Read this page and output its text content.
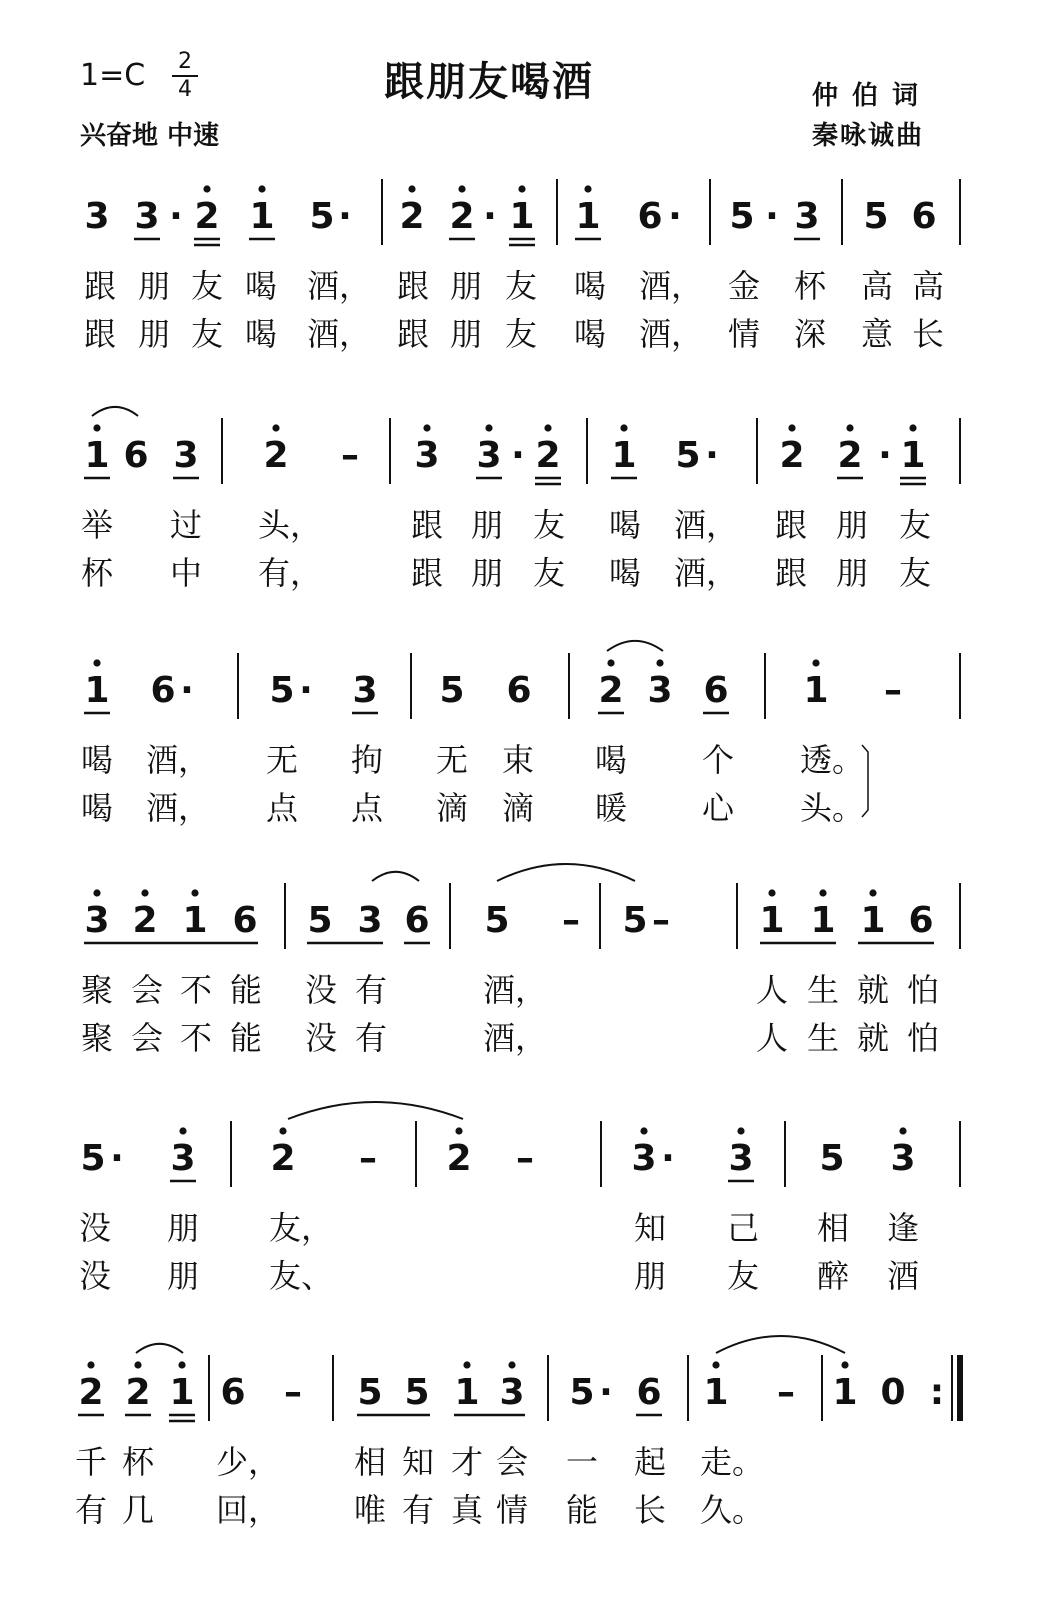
1=C 2
4	跟朋友喝酒
兴奋地 中速
仲伯词
秦咏诚曲
3 3 · 2 1 5 · 2 2 · 1 1 6 · 5 · 3 5 6
跟 朋 友 喝 酒， 跟 朋 友 喝 酒， 金 杯 高 高
跟 朋 友 喝 酒， 跟 朋 友 喝 酒， 情 深 意 长
1 6 3 2 – 3 3 · 2 1 5 · 2 2 · 1
举 过 头，	跟 朋 友 喝 酒， 跟 朋 友
杯 中 有，	跟 朋 友 喝 酒， 跟 朋 友
1 6 · 5 · 3 5 6 2 3 6 1 –
喝 酒， 无 拘 无 束 喝 个 透。
喝 酒， 点 点 滴 滴 暖 心 头。
3 2 1 6 5 3 6 5 – 5 – 1 1 1 6
聚 会 不 能 没 有	酒，	人 生 就 怕
聚 会 不 能 没 有	酒，	人 生 就 怕
5 · 3 2 – 2 –	3 · 3 5 3
没 朋 友，	知 己 相 逢
没 朋 友、	朋 友 醉 酒
2 2 1 6 – 5 5 1 3 5 · 6 1 – 1 0 :
千 杯 少， 相 知 才 会 一 起 走。
有 几 回， 唯 有 真 情 能 长 久。
